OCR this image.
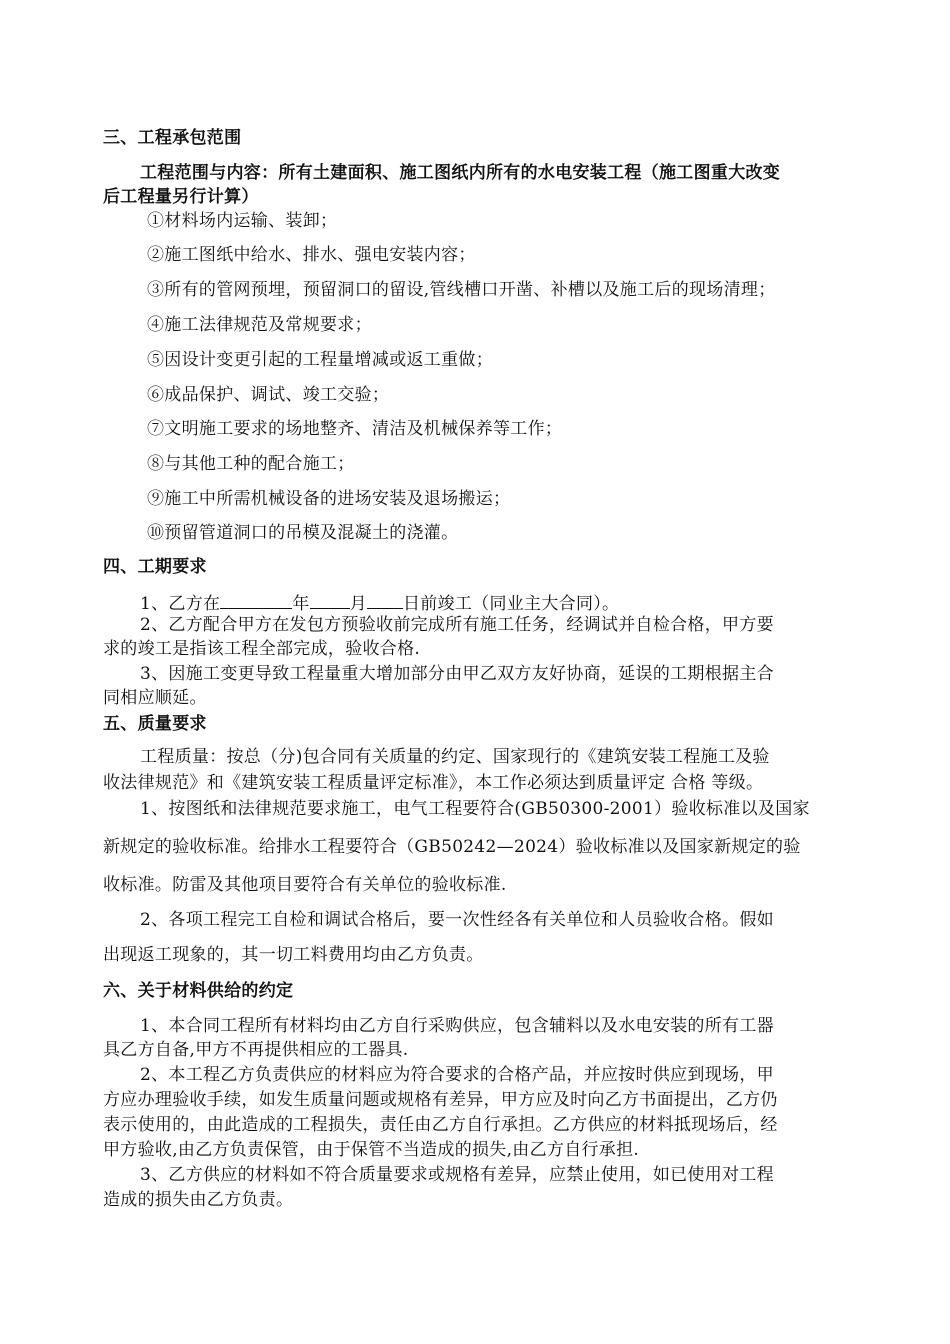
三、工程承包范围
工程范围与内容：所有土建面积、施工图纸内所有的水电安装工程（施工图重大改变
后工程量另行计算）
①材料场内运输、装卸；
②施工图纸中给水、排水、强电安装内容；
③所有的管网预埋，预留洞口的留设,管线槽口开凿、补槽以及施工后的现场清理；
④施工法律规范及常规要求；
⑤因设计变更引起的工程量增减或返工重做；
⑥成品保护、调试、竣工交验；
⑦文明施工要求的场地整齐、清洁及机械保养等工作；
⑧与其他工种的配合施工；
⑨施工中所需机械设备的进场安装及退场搬运；
⑩预留管道洞口的吊模及混凝土的浇灌。
四、工期要求
1、乙方在	年 月 日前竣工（同业主大合同）。
2、乙方配合甲方在发包方预验收前完成所有施工任务，经调试并自检合格，甲方要
求的竣工是指该工程全部完成，验收合格.
3、因施工变更导致工程量重大增加部分由甲乙双方友好协商，延误的工期根据主合
同相应顺延。
五、质量要求
工程质量：按总（分)包合同有关质量的约定、国家现行的《建筑安装工程施工及验
收法律规范》和《建筑安装工程质量评定标准》，本工作必须达到质量评定 合格 等级。
1、按图纸和法律规范要求施工，电气工程要符合(GB50300-2001）验收标准以及国家
新规定的验收标准。给排水工程要符合（GB50242—2024）验收标准以及国家新规定的验
收标准。防雷及其他项目要符合有关单位的验收标准.
2、各项工程完工自检和调试合格后，要一次性经各有关单位和人员验收合格。假如
出现返工现象的，其一切工料费用均由乙方负责。
六、关于材料供给的约定
1、本合同工程所有材料均由乙方自行采购供应，包含辅料以及水电安装的所有工器
具乙方自备,甲方不再提供相应的工器具.
2、本工程乙方负责供应的材料应为符合要求的合格产品，并应按时供应到现场，甲
方应办理验收手续，如发生质量问题或规格有差异，甲方应及时向乙方书面提出，乙方仍
表示使用的，由此造成的工程损失，责任由乙方自行承担。乙方供应的材料抵现场后，经
甲方验收,由乙方负责保管，由于保管不当造成的损失,由乙方自行承担.
3、乙方供应的材料如不符合质量要求或规格有差异，应禁止使用，如已使用对工程
造成的损失由乙方负责。
